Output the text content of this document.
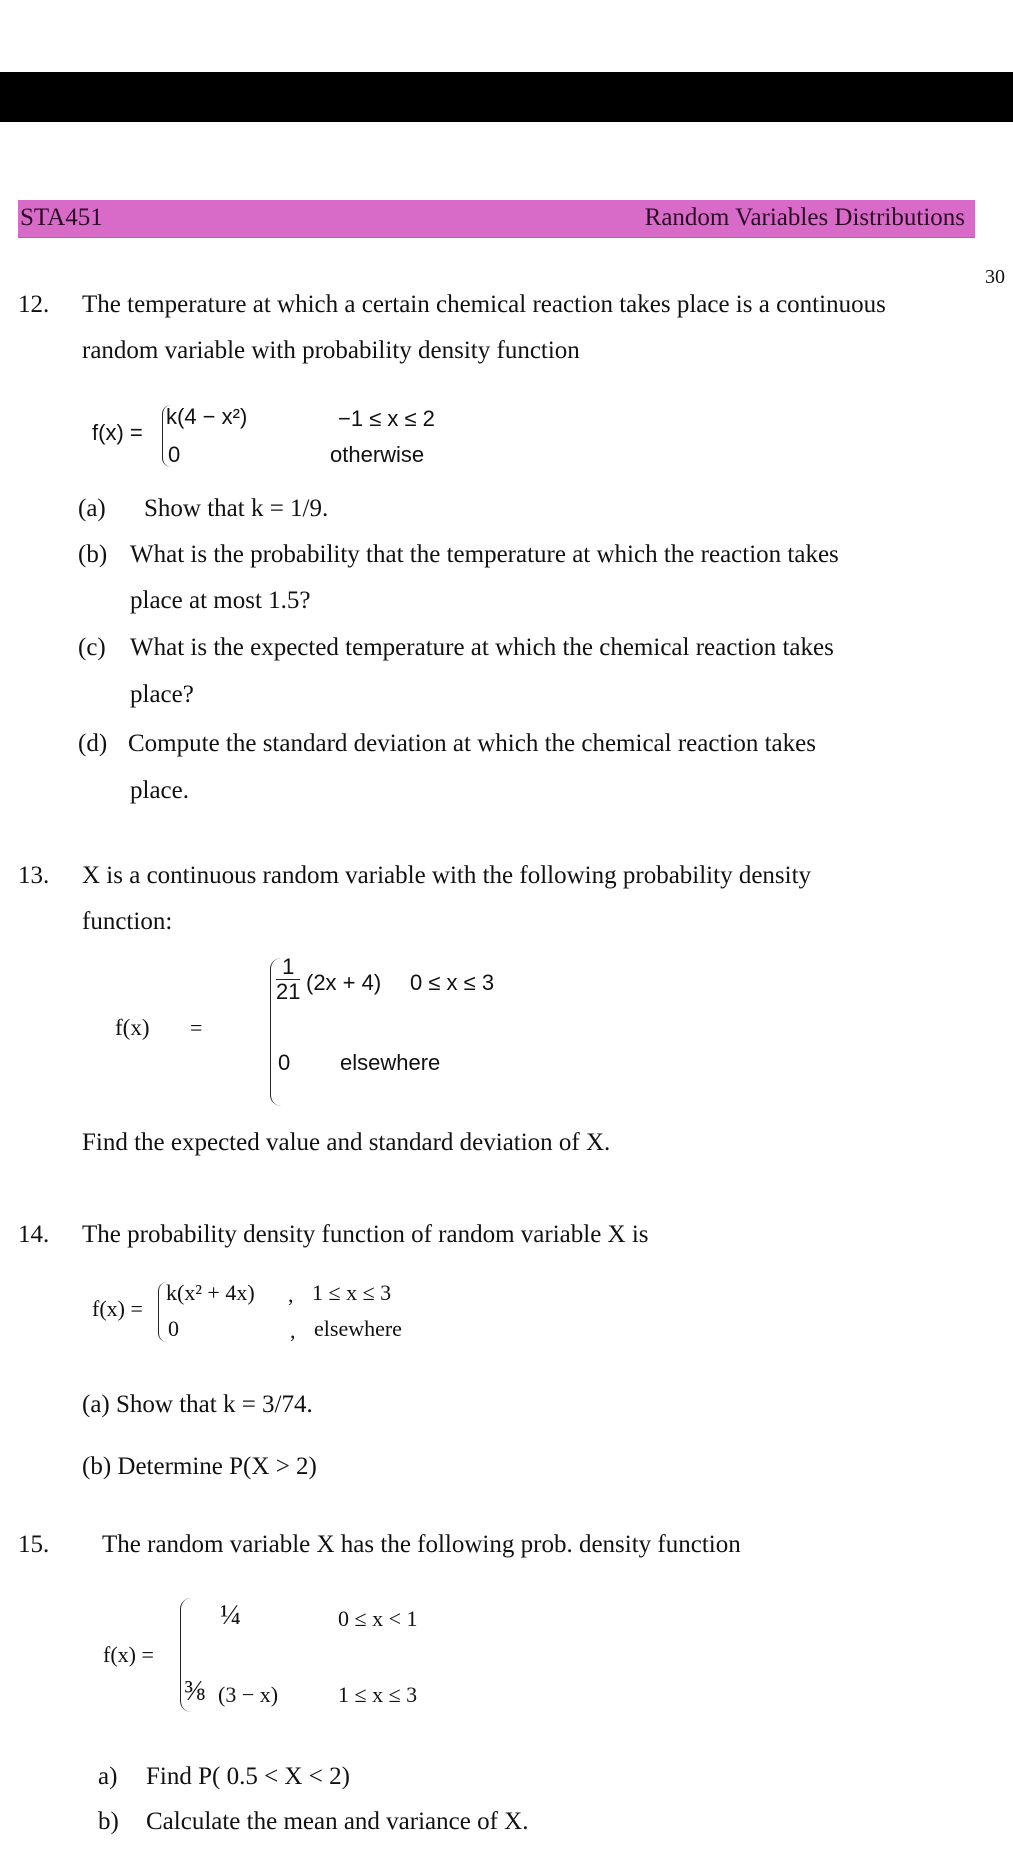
STA451	Random Variables Distributions
30
12. The temperature at which a certain chemical reaction takes place is a continuous
random variable with probability density function
f(x) =
k(4 − x²)	−1 ≤ x ≤ 2
0	otherwise
(a) Show that k = 1/9.
(b) What is the probability that the temperature at which the reaction takes
place at most 1.5?
(c) What is the expected temperature at which the chemical reaction takes
place?
(d) Compute the standard deviation at which the chemical reaction takes
place.
13. X is a continuous random variable with the following probability density
function:
f(x) =
$\frac{1}{21} (2x + 4) 0 \le x \le 3$
0 elsewhere
Find the expected value and standard deviation of X.
14. The probability density function of random variable X is
f(x) =
k(x² + 4x) , 1 ≤ x ≤ 3
0	, elsewhere
(a) Show that k = 3/74.
(b) Determine P(X > 2)
15. The random variable X has the following prob. density function
f(x) =
¼	0 ≤ x < 1
⅜ (3 − x)	1 ≤ x ≤ 3
a) Find P( 0.5 < X < 2)
b) Calculate the mean and variance of X.
